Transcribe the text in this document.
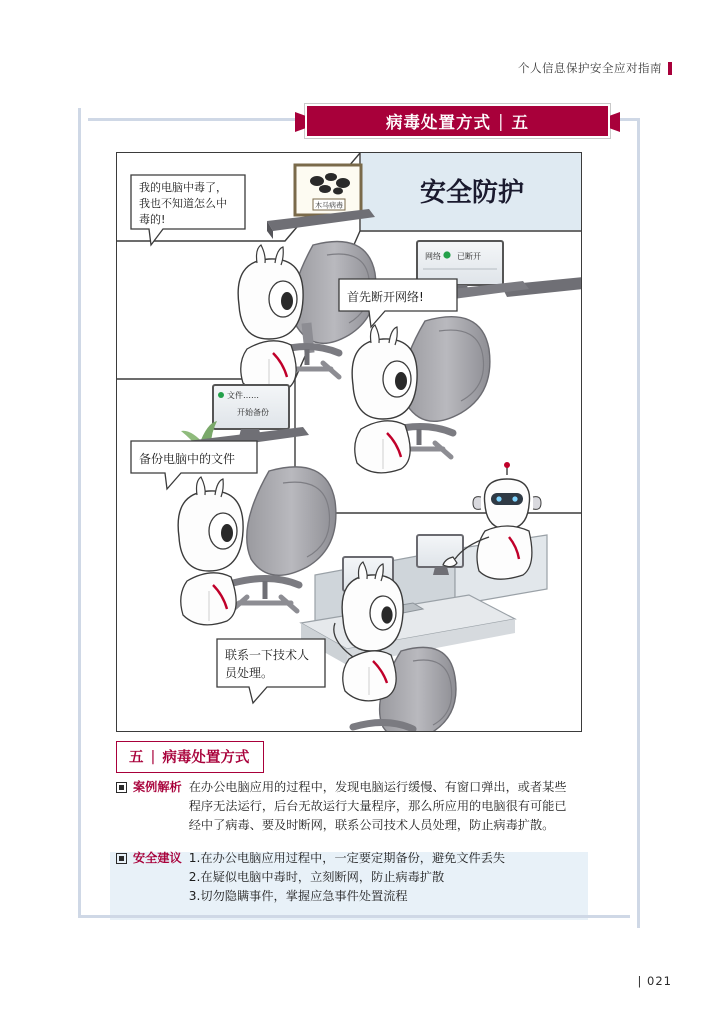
个人信息保护安全应对指南
病毒处置方式 | 五
安全防护
木马病毒
我的电脑中毒了，
我也不知道怎么中
毒的!
网络 已断开
首先断开网络!
文件……
开始备份
备份电脑中的文件
联系一下技术人
员处理。
五 | 病毒处置方式
案例解析 在办公电脑应用的过程中，发现电脑运行缓慢、有窗口弹出，或者某些
程序无法运行，后台无故运行大量程序，那么所应用的电脑很有可能已
经中了病毒、要及时断网，联系公司技术人员处理，防止病毒扩散。
安全建议 1.在办公电脑应用过程中，一定要定期备份，避免文件丢失
2.在疑似电脑中毒时，立刻断网，防止病毒扩散
3.切勿隐瞒事件，掌握应急事件处置流程
| 021
